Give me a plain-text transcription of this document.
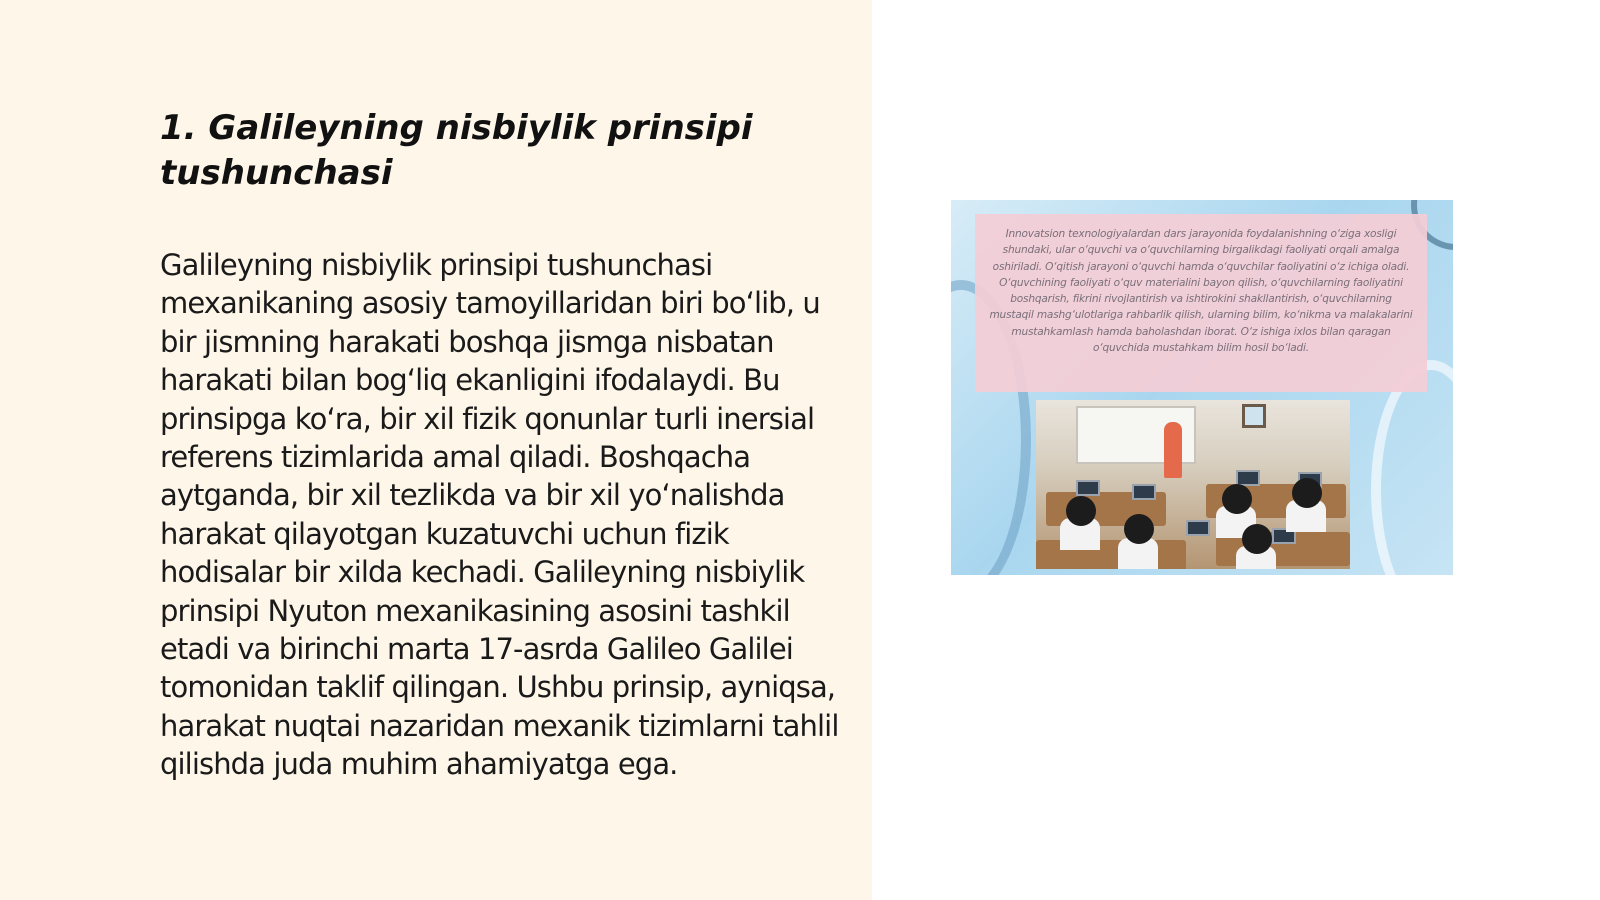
1. Galileyning nisbiylik prinsipi tushunchasi

Galileyning nisbiylik prinsipi tushunchasi mexanikaning asosiy tamoyillaridan biri bo‘lib, u bir jismning harakati boshqa jismga nisbatan harakati bilan bog‘liq ekanligini ifodalaydi. Bu prinsipga ko‘ra, bir xil fizik qonunlar turli inersial referens tizimlarida amal qiladi. Boshqacha aytganda, bir xil tezlikda va bir xil yo‘nalishda harakat qilayotgan kuzatuvchi uchun fizik hodisalar bir xilda kechadi. Galileyning nisbiylik prinsipi Nyuton mexanikasining asosini tashkil etadi va birinchi marta 17-asrda Galileo Galilei tomonidan taklif qilingan. Ushbu prinsip, ayniqsa, harakat nuqtai nazaridan mexanik tizimlarni tahlil qilishda juda muhim ahamiyatga ega.

Innovatsion texnologiyalardan dars jarayonida foydalanishning o‘ziga xosligi shundaki, ular o‘quvchi va o‘quvchilarning birgalikdagi faoliyati orqali amalga oshiriladi. O‘qitish jarayoni o‘quvchi hamda o‘quvchilar faoliyatini o‘z ichiga oladi. O‘quvchining faoliyati o‘quv materialini bayon qilish, o‘quvchilarning faoliyatini boshqarish, fikrini rivojlantirish va ishtirokini shakllantirish, o‘quvchilarning mustaqil mashg‘ulotlariga rahbarlik qilish, ularning bilim, ko‘nikma va malakalarini mustahkamlash hamda baholashdan iborat. O‘z ishiga ixlos bilan qaragan o‘quvchida mustahkam bilim hosil bo‘ladi.
